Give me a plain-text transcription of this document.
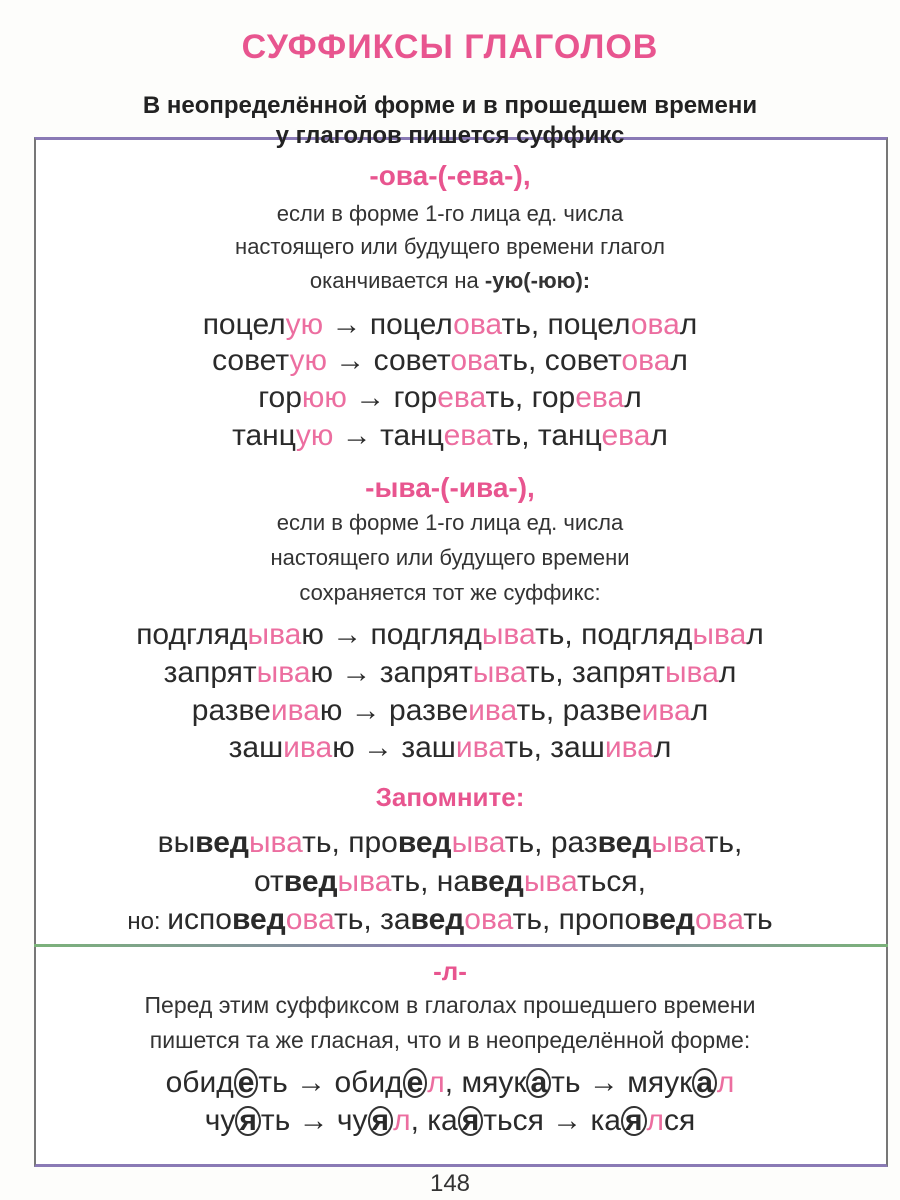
СУФФИКСЫ ГЛАГОЛОВ
В неопределённой форме и в прошедшем времени
у глаголов пишется суффикс
-ова-(-ева-),
если в форме 1-го лица ед. числа
настоящего или будущего времени глагол
оканчивается на -ую(-юю):
поцелую → поцеловать, поцеловал
советую → советовать, советовал
горюю → горевать, горевал
танцую → танцевать, танцевал
-ыва-(-ива-),
если в форме 1-го лица ед. числа
настоящего или будущего времени
сохраняется тот же суффикс:
подглядываю → подглядывать, подглядывал
запрятываю → запрятывать, запрятывал
развеиваю → развеивать, развеивал
зашиваю → зашивать, зашивал
Запомните:
выведывать, проведывать, разведывать,
отведывать, наведываться,
но: исповедовать, заведовать, проповедовать
-л-
Перед этим суффиксом в глаголах прошедшего времени
пишется та же гласная, что и в неопределённой форме:
обид е ть → обид е л, мяук а ть → мяук а л
чу я ть → чу я л, ка я ться → ка я лся
148
